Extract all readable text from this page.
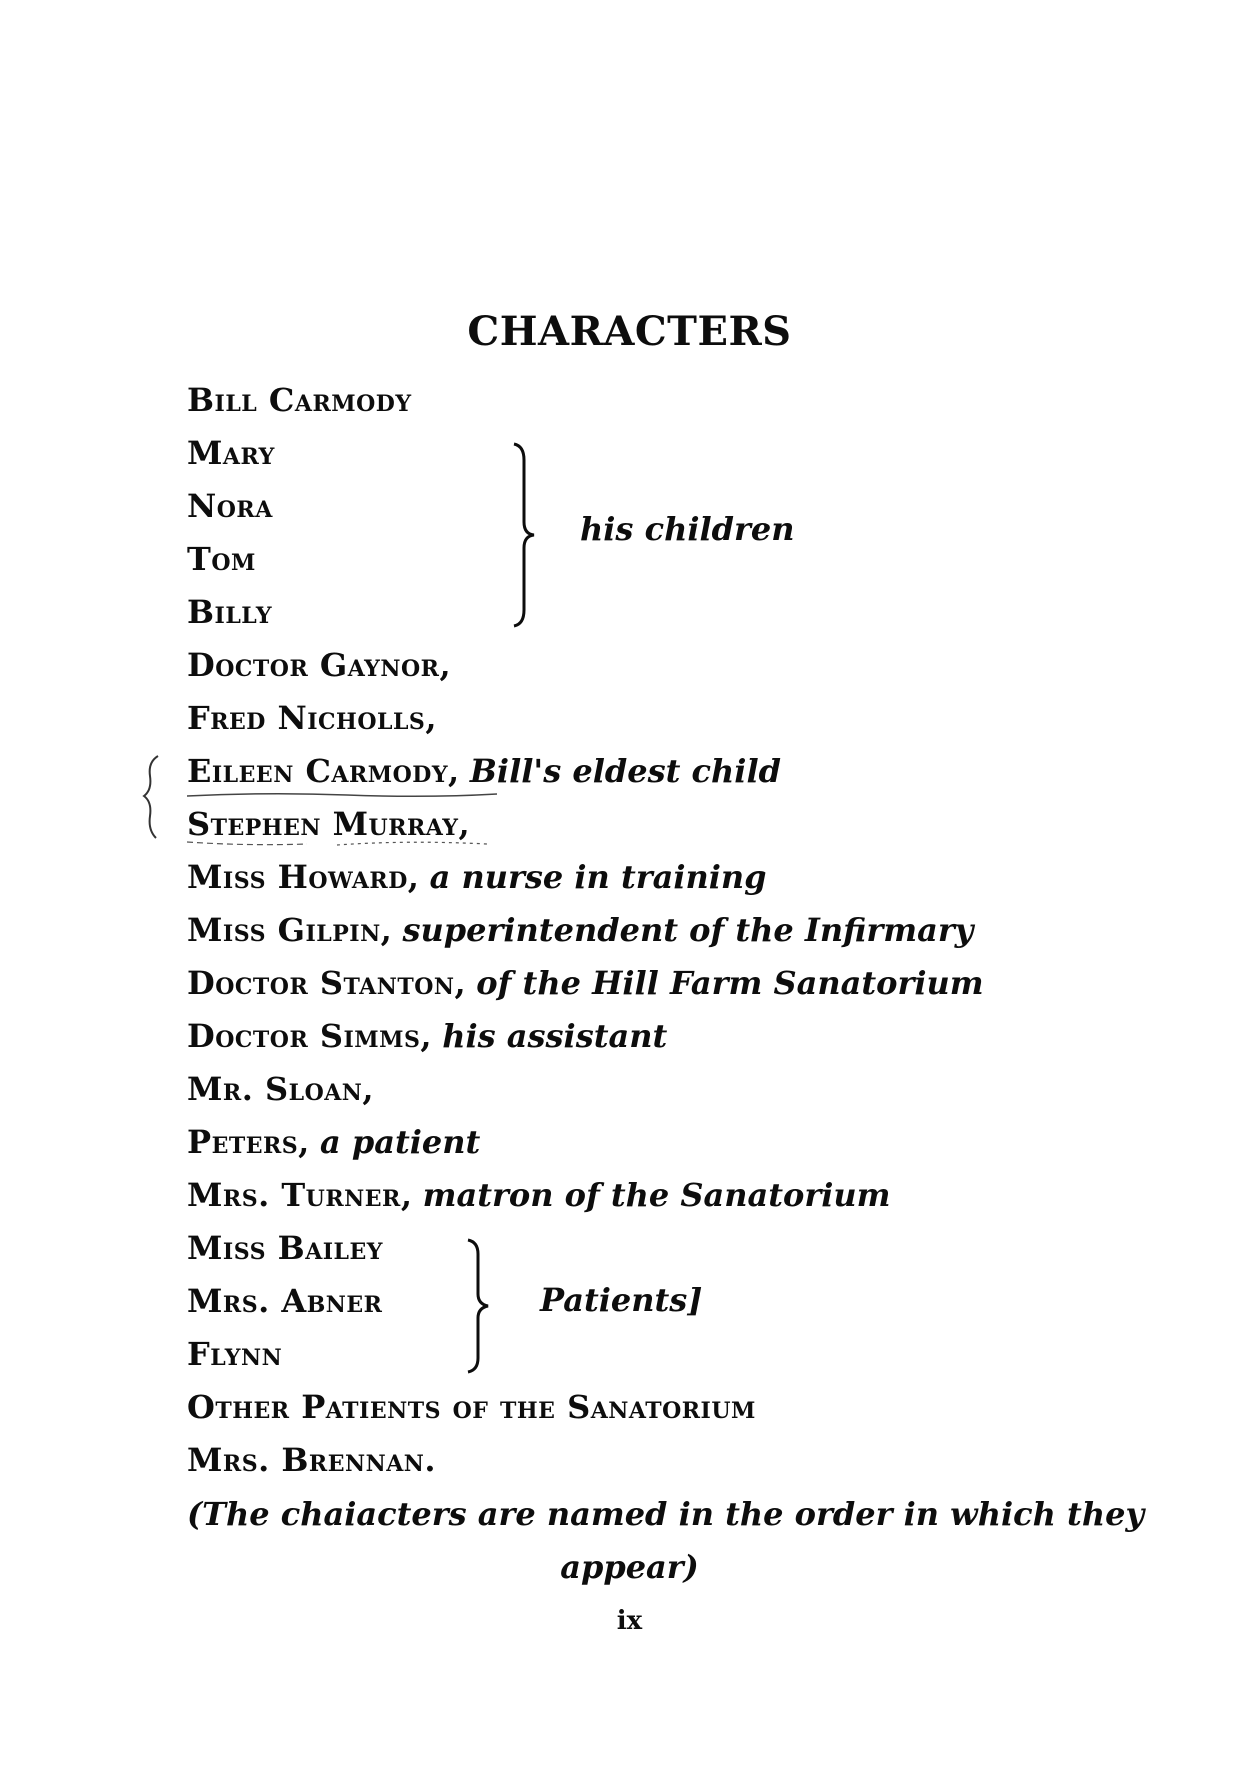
CHARACTERS
Bill Carmody
Mary
Nora
Tom
Billy
Doctor Gaynor,
Fred Nicholls,
Eileen Carmody, Bill's eldest child
Stephen Murray,
Miss Howard, a nurse in training
Miss Gilpin, superintendent of the Infirmary
Doctor Stanton, of the Hill Farm Sanatorium
Doctor Simms, his assistant
Mr. Sloan,
Peters, a patient
Mrs. Turner, matron of the Sanatorium
Miss Bailey
Mrs. Abner
Flynn
Other Patients of the Sanatorium
Mrs. Brennan.
his children
Patients]
(The chaiacters are named in the order in which they
appear)
ix
